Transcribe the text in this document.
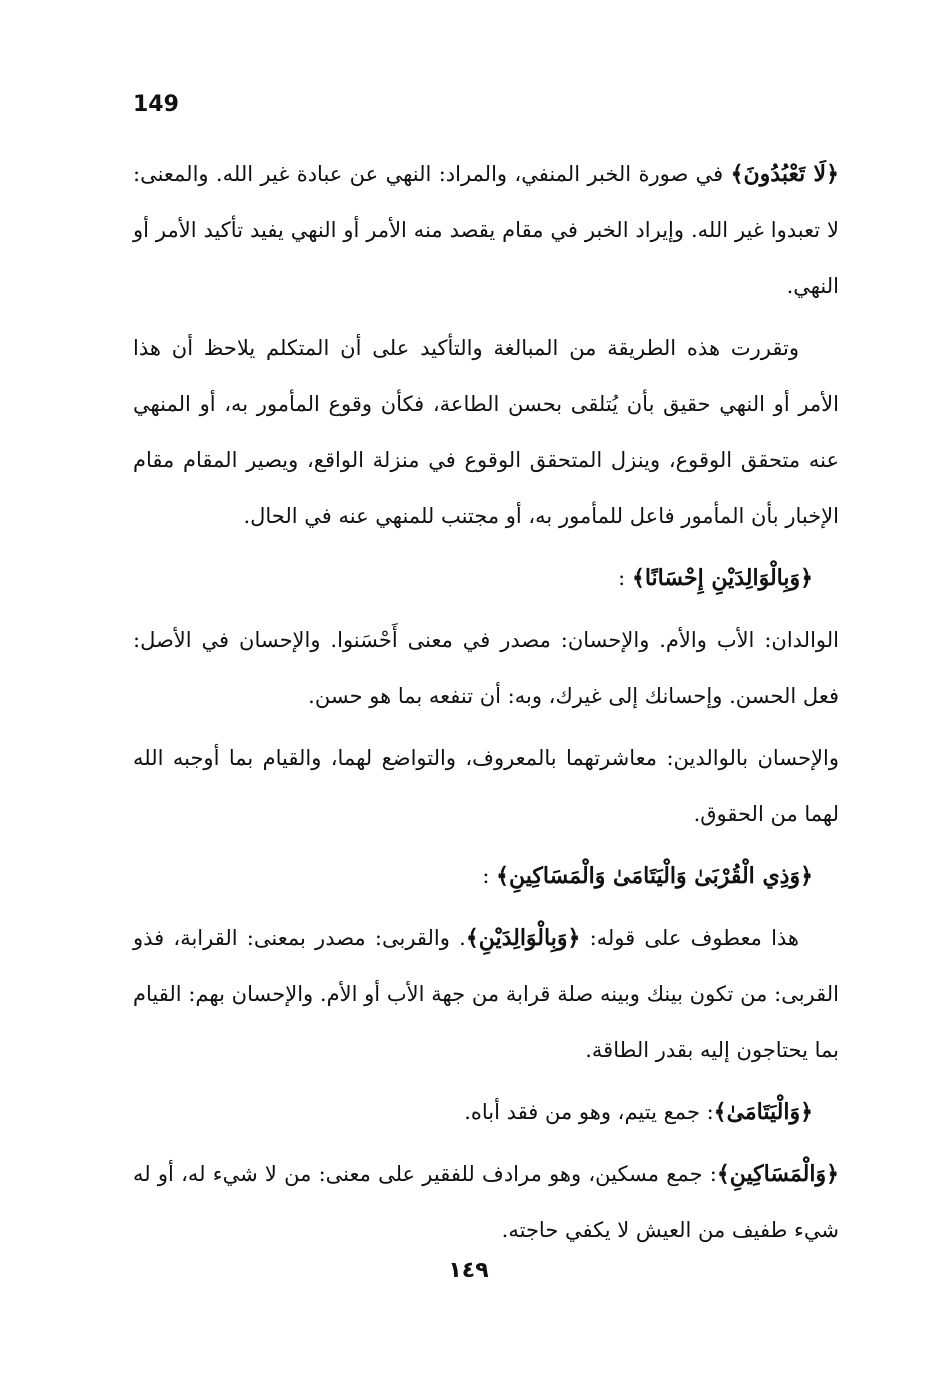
149

﴿لَا تَعْبُدُونَ﴾ في صورة الخبر المنفي، والمراد: النهي عن عبادة غير الله. والمعنى: لا تعبدوا غير الله. وإيراد الخبر في مقام يقصد منه الأمر أو النهي يفيد تأكيد الأمر أو النهي.

وتقررت هذه الطريقة من المبالغة والتأكيد على أن المتكلم يلاحظ أن هذا الأمر أو النهي حقيق بأن يُتلقى بحسن الطاعة، فكأن وقوع المأمور به، أو المنهي عنه متحقق الوقوع، وينزل المتحقق الوقوع في منزلة الواقع، ويصير المقام مقام الإخبار بأن المأمور فاعل للمأمور به، أو مجتنب للمنهي عنه في الحال.

﴿وَبِالْوَالِدَيْنِ إِحْسَانًا﴾ :

الوالدان: الأب والأم. والإحسان: مصدر في معنى أَحْسَنوا. والإحسان في الأصل: فعل الحسن. وإحسانك إلى غيرك، وبه: أن تنفعه بما هو حسن.

والإحسان بالوالدين: معاشرتهما بالمعروف، والتواضع لهما، والقيام بما أوجبه الله لهما من الحقوق.

﴿وَذِي الْقُرْبَىٰ وَالْيَتَامَىٰ وَالْمَسَاكِينِ﴾ :

هذا معطوف على قوله: ﴿وَبِالْوَالِدَيْنِ﴾. والقربى: مصدر بمعنى: القرابة، فذو القربى: من تكون بينك وبينه صلة قرابة من جهة الأب أو الأم. والإحسان بهم: القيام بما يحتاجون إليه بقدر الطاقة.

﴿وَالْيَتَامَىٰ﴾: جمع يتيم، وهو من فقد أباه.

﴿وَالْمَسَاكِينِ﴾: جمع مسكين، وهو مرادف للفقير على معنى: من لا شيء له، أو له شيء طفيف من العيش لا يكفي حاجته.

١٤٩
